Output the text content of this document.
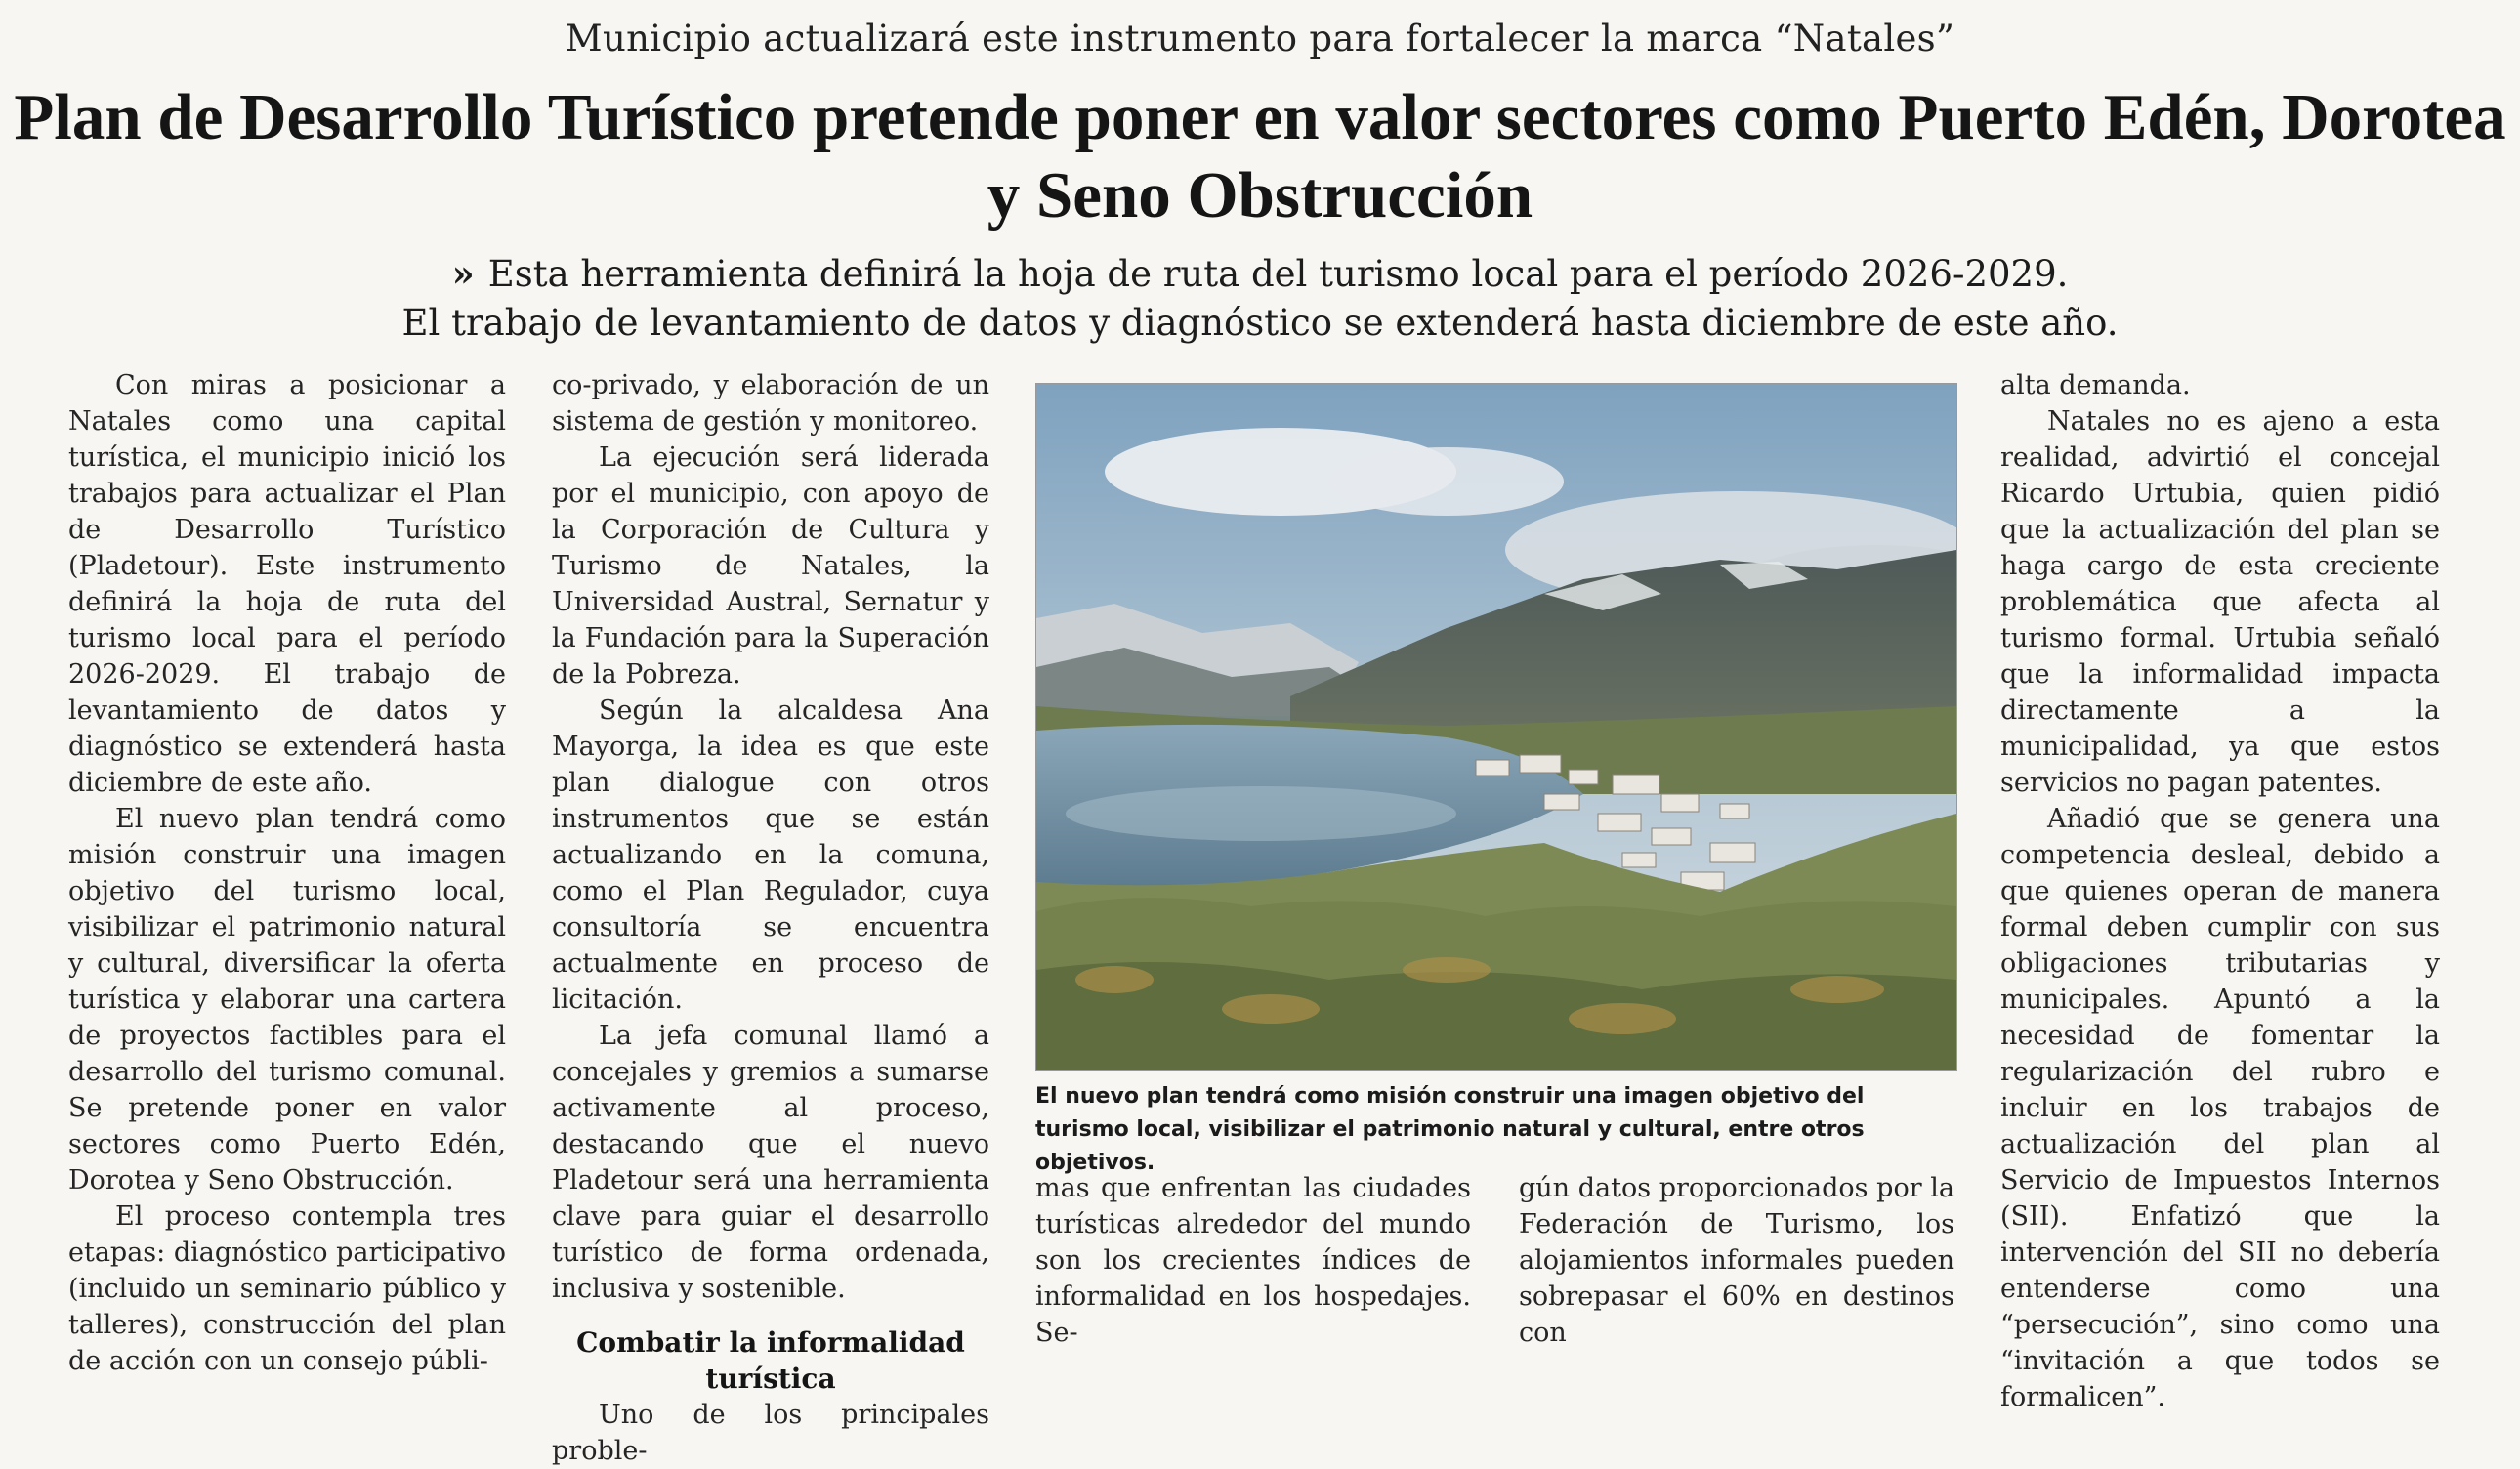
Municipio actualizará este instrumento para fortalecer la marca “Natales”
Plan de Desarrollo Turístico pretende poner en valor sectores como Puerto Edén, Dorotea y Seno Obstrucción
» Esta herramienta definirá la hoja de ruta del turismo local para el período 2026-2029.
El trabajo de levantamiento de datos y diagnóstico se extenderá hasta diciembre de este año.

Con miras a posicionar a Natales como una capital turística, el municipio inició los trabajos para actualizar el Plan de Desarrollo Turístico (Pladetour). Este instrumento definirá la hoja de ruta del turismo local para el período 2026-2029. El trabajo de levantamiento de datos y diagnóstico se extenderá hasta diciembre de este año.

El nuevo plan tendrá como misión construir una imagen objetivo del turismo local, visibilizar el patrimonio natural y cultural, diversificar la oferta turística y elaborar una cartera de proyectos factibles para el desarrollo del turismo comunal. Se pretende poner en valor sectores como Puerto Edén, Dorotea y Seno Obstrucción.

El proceso contempla tres etapas: diagnóstico participativo (incluido un seminario público y talleres), construcción del plan de acción con un consejo públi-

co-privado, y elaboración de un sistema de gestión y monitoreo.

La ejecución será liderada por el municipio, con apoyo de la Corporación de Cultura y Turismo de Natales, la Universidad Austral, Sernatur y la Fundación para la Superación de la Pobreza.

Según la alcaldesa Ana Mayorga, la idea es que este plan dialogue con otros instrumentos que se están actualizando en la comuna, como el Plan Regulador, cuya consultoría se encuentra actualmente en proceso de licitación.

La jefa comunal llamó a concejales y gremios a sumarse activamente al proceso, destacando que el nuevo Pladetour será una herramienta clave para guiar el desarrollo turístico de forma ordenada, inclusiva y sostenible.

Combatir la informalidad turística

Uno de los principales proble-

El nuevo plan tendrá como misión construir una imagen objetivo del turismo local, visibilizar el patrimonio natural y cultural, entre otros objetivos.

mas que enfrentan las ciudades turísticas alrededor del mundo son los crecientes índices de informalidad en los hospedajes. Se-

gún datos proporcionados por la Federación de Turismo, los alojamientos informales pueden sobrepasar el 60% en destinos con

alta demanda.

Natales no es ajeno a esta realidad, advirtió el concejal Ricardo Urtubia, quien pidió que la actualización del plan se haga cargo de esta creciente problemática que afecta al turismo formal. Urtubia señaló que la informalidad impacta directamente a la municipalidad, ya que estos servicios no pagan patentes.

Añadió que se genera una competencia desleal, debido a que quienes operan de manera formal deben cumplir con sus obligaciones tributarias y municipales. Apuntó a la necesidad de fomentar la regularización del rubro e incluir en los trabajos de actualización del plan al Servicio de Impuestos Internos (SII). Enfatizó que la intervención del SII no debería entenderse como una “persecución”, sino como una “invitación a que todos se formalicen”.
